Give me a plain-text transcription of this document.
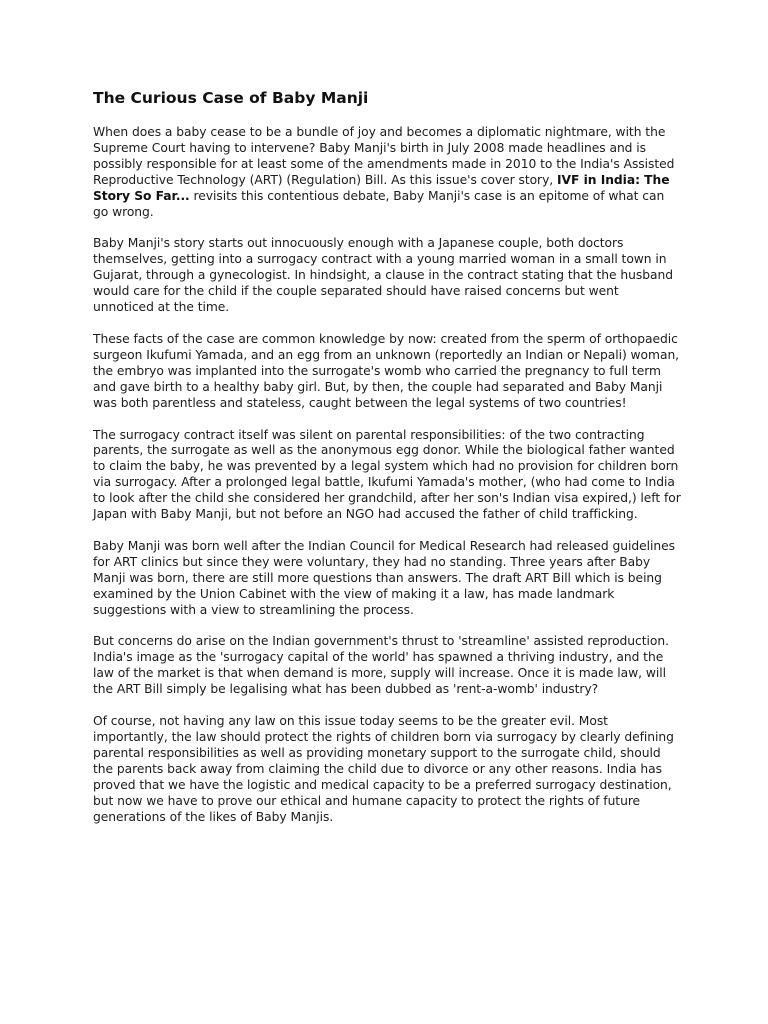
The Curious Case of Baby Manji

When does a baby cease to be a bundle of joy and becomes a diplomatic nightmare, with the Supreme Court having to intervene? Baby Manji's birth in July 2008 made headlines and is possibly responsible for at least some of the amendments made in 2010 to the India's Assisted Reproductive Technology (ART) (Regulation) Bill. As this issue's cover story, IVF in India: The Story So Far... revisits this contentious debate, Baby Manji's case is an epitome of what can go wrong.

Baby Manji's story starts out innocuously enough with a Japanese couple, both doctors themselves, getting into a surrogacy contract with a young married woman in a small town in Gujarat, through a gynecologist. In hindsight, a clause in the contract stating that the husband would care for the child if the couple separated should have raised concerns but went unnoticed at the time.

These facts of the case are common knowledge by now: created from the sperm of orthopaedic surgeon Ikufumi Yamada, and an egg from an unknown (reportedly an Indian or Nepali) woman, the embryo was implanted into the surrogate's womb who carried the pregnancy to full term and gave birth to a healthy baby girl. But, by then, the couple had separated and Baby Manji was both parentless and stateless, caught between the legal systems of two countries!

The surrogacy contract itself was silent on parental responsibilities: of the two contracting parents, the surrogate as well as the anonymous egg donor. While the biological father wanted to claim the baby, he was prevented by a legal system which had no provision for children born via surrogacy. After a prolonged legal battle, Ikufumi Yamada's mother, (who had come to India to look after the child she considered her grandchild, after her son's Indian visa expired,) left for Japan with Baby Manji, but not before an NGO had accused the father of child trafficking.

Baby Manji was born well after the Indian Council for Medical Research had released guidelines for ART clinics but since they were voluntary, they had no standing. Three years after Baby Manji was born, there are still more questions than answers. The draft ART Bill which is being examined by the Union Cabinet with the view of making it a law, has made landmark suggestions with a view to streamlining the process.

But concerns do arise on the Indian government's thrust to 'streamline' assisted reproduction. India's image as the 'surrogacy capital of the world' has spawned a thriving industry, and the law of the market is that when demand is more, supply will increase. Once it is made law, will the ART Bill simply be legalising what has been dubbed as 'rent-a-womb' industry?

Of course, not having any law on this issue today seems to be the greater evil. Most importantly, the law should protect the rights of children born via surrogacy by clearly defining parental responsibilities as well as providing monetary support to the surrogate child, should the parents back away from claiming the child due to divorce or any other reasons. India has proved that we have the logistic and medical capacity to be a preferred surrogacy destination, but now we have to prove our ethical and humane capacity to protect the rights of future generations of the likes of Baby Manjis.
